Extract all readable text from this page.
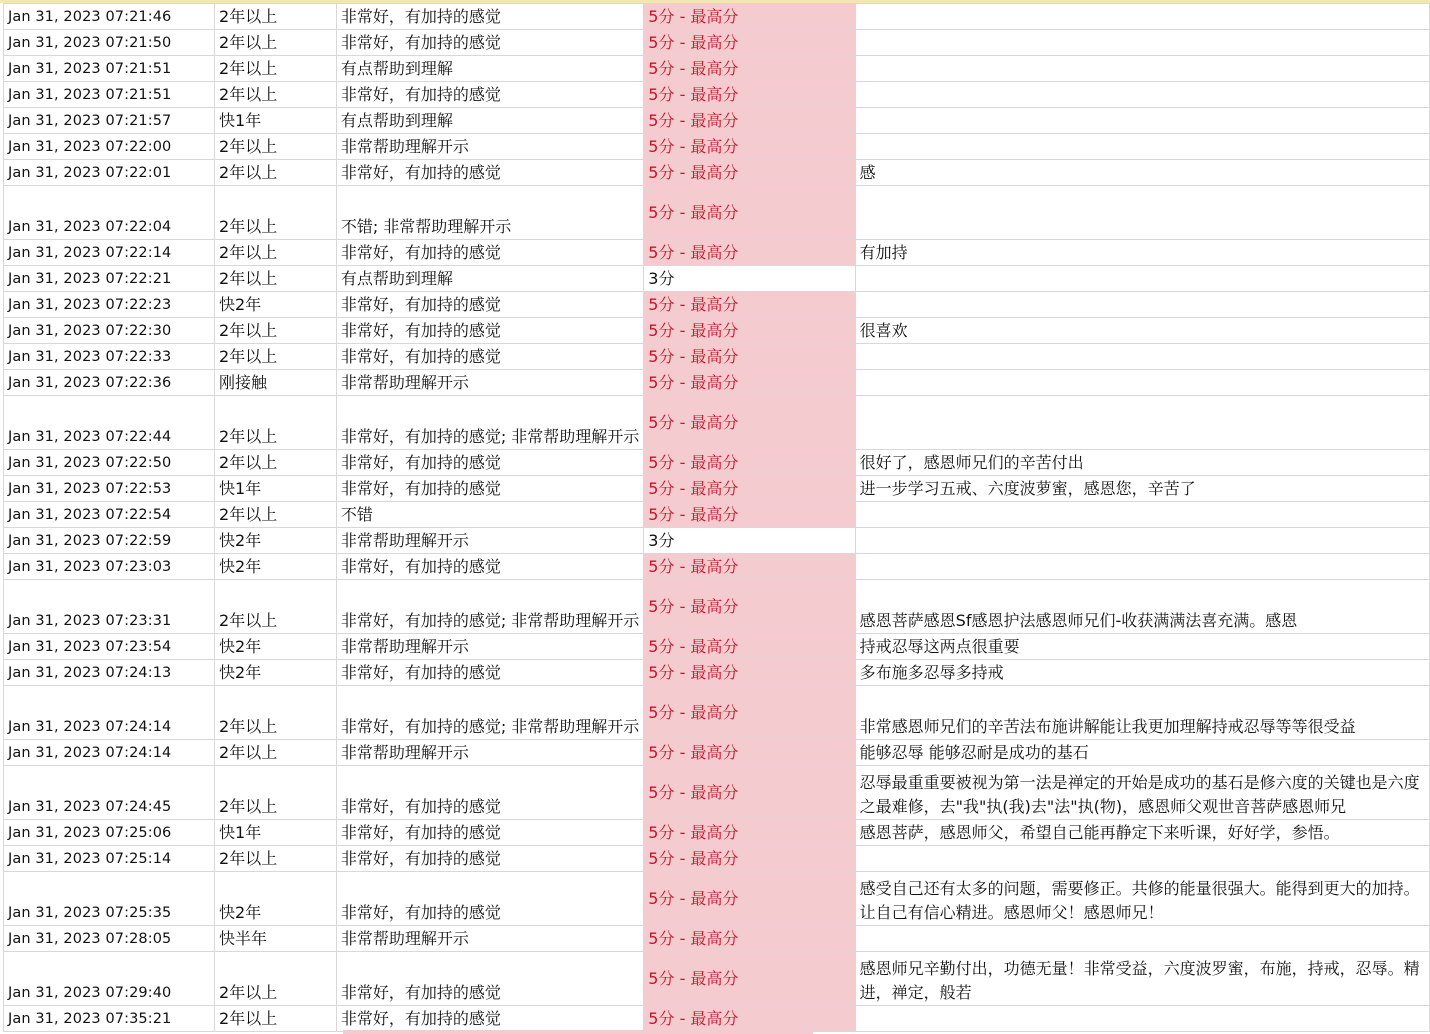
Jan 31, 2023 07:21:46	2年以上	非常好，有加持的感觉	5分 - 最高分	
Jan 31, 2023 07:21:50	2年以上	非常好，有加持的感觉	5分 - 最高分	
Jan 31, 2023 07:21:51	2年以上	有点帮助到理解	5分 - 最高分	
Jan 31, 2023 07:21:51	2年以上	非常好，有加持的感觉	5分 - 最高分	
Jan 31, 2023 07:21:57	快1年	有点帮助到理解	5分 - 最高分	
Jan 31, 2023 07:22:00	2年以上	非常帮助理解开示	5分 - 最高分	
Jan 31, 2023 07:22:01	2年以上	非常好，有加持的感觉	5分 - 最高分	感
Jan 31, 2023 07:22:04	2年以上	不错; 非常帮助理解开示	5分 - 最高分	
Jan 31, 2023 07:22:14	2年以上	非常好，有加持的感觉	5分 - 最高分	有加持
Jan 31, 2023 07:22:21	2年以上	有点帮助到理解	3分	
Jan 31, 2023 07:22:23	快2年	非常好，有加持的感觉	5分 - 最高分	
Jan 31, 2023 07:22:30	2年以上	非常好，有加持的感觉	5分 - 最高分	很喜欢
Jan 31, 2023 07:22:33	2年以上	非常好，有加持的感觉	5分 - 最高分	
Jan 31, 2023 07:22:36	刚接触	非常帮助理解开示	5分 - 最高分	
Jan 31, 2023 07:22:44	2年以上	非常好，有加持的感觉; 非常帮助理解开示	5分 - 最高分	
Jan 31, 2023 07:22:50	2年以上	非常好，有加持的感觉	5分 - 最高分	很好了，感恩师兄们的辛苦付出
Jan 31, 2023 07:22:53	快1年	非常好，有加持的感觉	5分 - 最高分	进一步学习五戒、六度波萝蜜，感恩您，辛苦了
Jan 31, 2023 07:22:54	2年以上	不错	5分 - 最高分	
Jan 31, 2023 07:22:59	快2年	非常帮助理解开示	3分	
Jan 31, 2023 07:23:03	快2年	非常好，有加持的感觉	5分 - 最高分	
Jan 31, 2023 07:23:31	2年以上	非常好，有加持的感觉; 非常帮助理解开示	5分 - 最高分	感恩菩萨感恩Sf感恩护法感恩师兄们-收获满满法喜充满。感恩
Jan 31, 2023 07:23:54	快2年	非常帮助理解开示	5分 - 最高分	持戒忍辱这两点很重要
Jan 31, 2023 07:24:13	快2年	非常好，有加持的感觉	5分 - 最高分	多布施多忍辱多持戒
Jan 31, 2023 07:24:14	2年以上	非常好，有加持的感觉; 非常帮助理解开示	5分 - 最高分	非常感恩师兄们的辛苦法布施讲解能让我更加理解持戒忍辱等等很受益
Jan 31, 2023 07:24:14	2年以上	非常帮助理解开示	5分 - 最高分	能够忍辱 能够忍耐是成功的基石
Jan 31, 2023 07:24:45	2年以上	非常好，有加持的感觉	5分 - 最高分	忍辱最重重要被视为第一法是禅定的开始是成功的基石是修六度的关键也是六度之最难修，去"我"执(我)去"法"执(物)，感恩师父观世音菩萨感恩师兄
Jan 31, 2023 07:25:06	快1年	非常好，有加持的感觉	5分 - 最高分	感恩菩萨，感恩师父，希望自己能再静定下来听课，好好学，参悟。
Jan 31, 2023 07:25:14	2年以上	非常好，有加持的感觉	5分 - 最高分	
Jan 31, 2023 07:25:35	快2年	非常好，有加持的感觉	5分 - 最高分	感受自己还有太多的问题，需要修正。共修的能量很强大。能得到更大的加持。让自己有信心精进。感恩师父！感恩师兄！
Jan 31, 2023 07:28:05	快半年	非常帮助理解开示	5分 - 最高分	
Jan 31, 2023 07:29:40	2年以上	非常好，有加持的感觉	5分 - 最高分	感恩师兄辛勤付出，功德无量！非常受益，六度波罗蜜，布施，持戒，忍辱。精进，禅定，般若
Jan 31, 2023 07:35:21	2年以上	非常好，有加持的感觉	5分 - 最高分	
